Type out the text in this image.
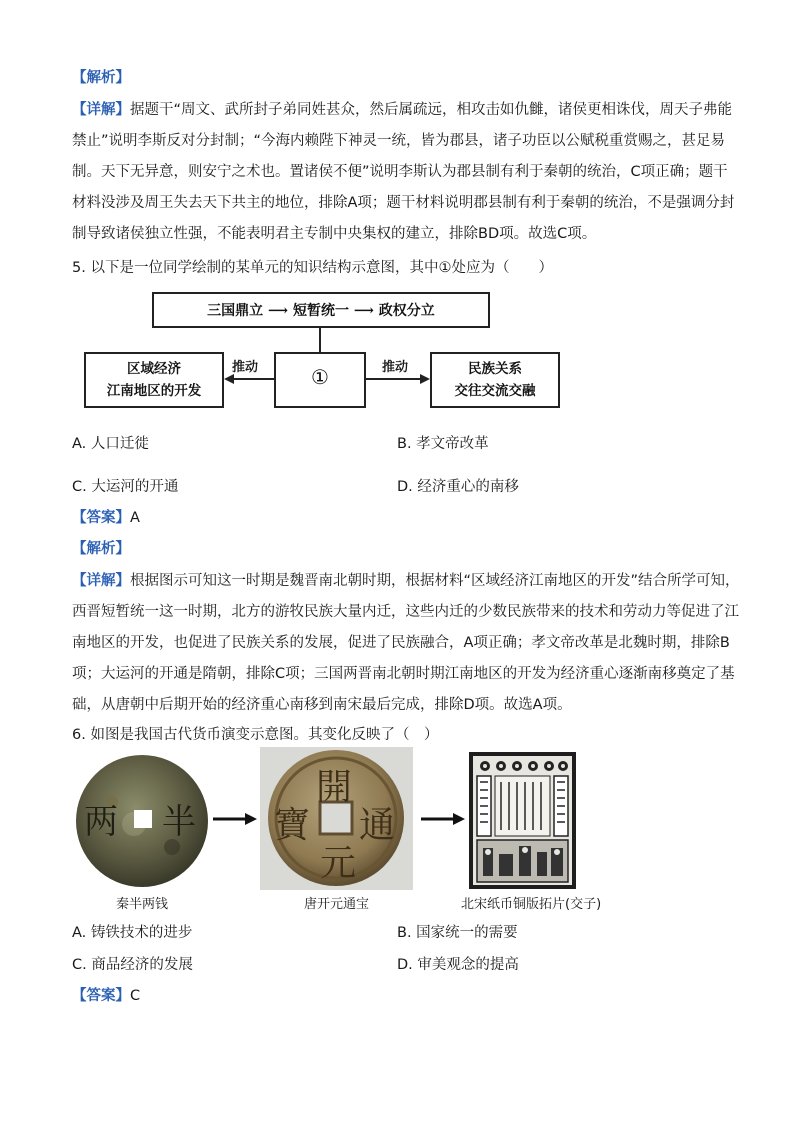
【解析】
【详解】据题干“周文、武所封子弟同姓甚众，然后属疏远，相攻击如仇雠，诸侯更相诛伐，周天子弗能
禁止”说明李斯反对分封制；“今海内赖陛下神灵一统，皆为郡县，诸子功臣以公赋税重赏赐之，甚足易
制。天下无异意，则安宁之术也。置诸侯不便”说明李斯认为郡县制有利于秦朝的统治，C项正确；题干
材料没涉及周王失去天下共主的地位，排除A项；题干材料说明郡县制有利于秦朝的统治，不是强调分封
制导致诸侯独立性强，不能表明君主专制中央集权的建立，排除BD项。故选C项。
5. 以下是一位同学绘制的某单元的知识结构示意图，其中①处应为（　　）
三国鼎立 ⟶ 短暂统一 ⟶ 政权分立
区域经济
江南地区的开发
①	民族关系
交往交流交融
推动	推动
A. 人口迁徙	B. 孝文帝改革
C. 大运河的开通	D. 经济重心的南移
【答案】A
【解析】
【详解】根据图示可知这一时期是魏晋南北朝时期，根据材料“区域经济江南地区的开发”结合所学可知，
西晋短暂统一这一时期，北方的游牧民族大量内迁，这些内迁的少数民族带来的技术和劳动力等促进了江
南地区的开发，也促进了民族关系的发展，促进了民族融合，A项正确；孝文帝改革是北魏时期，排除B
项；大运河的开通是隋朝，排除C项；三国两晋南北朝时期江南地区的开发为经济重心逐渐南移奠定了基
础，从唐朝中后期开始的经济重心南移到南宋最后完成，排除D项。故选A项。
6. 如图是我国古代货币演变示意图。其变化反映了（　）
半
两
秦半两钱
開
元
通
寶
唐开元通宝	北宋纸币铜版拓片(交子)
A. 铸铁技术的进步	B. 国家统一的需要
C. 商品经济的发展	D. 审美观念的提高
【答案】C
